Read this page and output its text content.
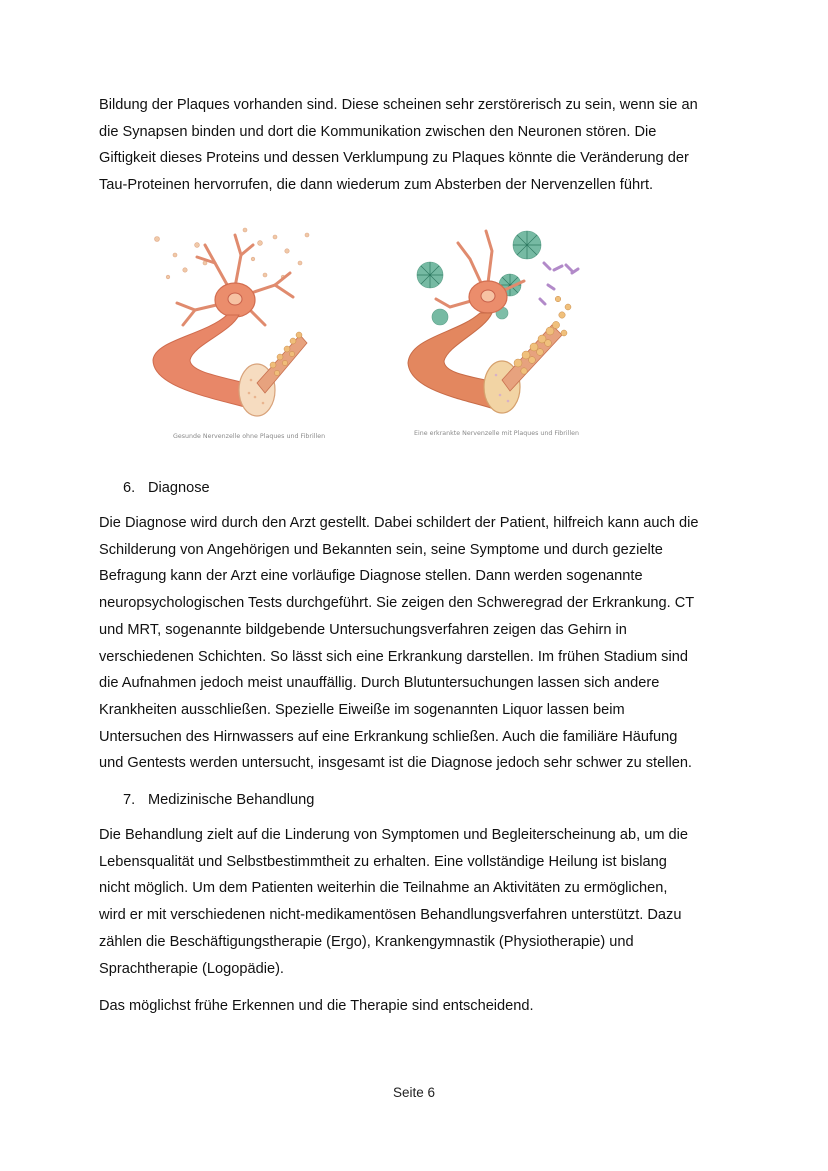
Bildung der Plaques vorhanden sind. Diese scheinen sehr zerstörerisch zu sein, wenn sie an
die Synapsen binden und dort die Kommunikation zwischen den Neuronen stören. Die
Giftigkeit dieses Proteins und dessen Verklumpung zu Plaques könnte die Veränderung der
Tau-Proteinen hervorrufen, die dann wiederum zum Absterben der Nervenzellen führt.
Gesunde Nervenzelle ohne Plaques und Fibrillen	Eine erkrankte Nervenzelle mit Plaques und Fibrillen
6. Diagnose
Die Diagnose wird durch den Arzt gestellt. Dabei schildert der Patient, hilfreich kann auch die
Schilderung von Angehörigen und Bekannten sein, seine Symptome und durch gezielte
Befragung kann der Arzt eine vorläufige Diagnose stellen. Dann werden sogenannte
neuropsychologischen Tests durchgeführt. Sie zeigen den Schweregrad der Erkrankung. CT
und MRT, sogenannte bildgebende Untersuchungsverfahren zeigen das Gehirn in
verschiedenen Schichten. So lässt sich eine Erkrankung darstellen. Im frühen Stadium sind
die Aufnahmen jedoch meist unauffällig. Durch Blutuntersuchungen lassen sich andere
Krankheiten ausschließen. Spezielle Eiweiße im sogenannten Liquor lassen beim
Untersuchen des Hirnwassers auf eine Erkrankung schließen. Auch die familiäre Häufung
und Gentests werden untersucht, insgesamt ist die Diagnose jedoch sehr schwer zu stellen.
7. Medizinische Behandlung
Die Behandlung zielt auf die Linderung von Symptomen und Begleiterscheinung ab, um die
Lebensqualität und Selbstbestimmtheit zu erhalten. Eine vollständige Heilung ist bislang
nicht möglich. Um dem Patienten weiterhin die Teilnahme an Aktivitäten zu ermöglichen,
wird er mit verschiedenen nicht-medikamentösen Behandlungsverfahren unterstützt. Dazu
zählen die Beschäftigungstherapie (Ergo), Krankengymnastik (Physiotherapie) und
Sprachtherapie (Logopädie).
Das möglichst frühe Erkennen und die Therapie sind entscheidend.
Seite 6
